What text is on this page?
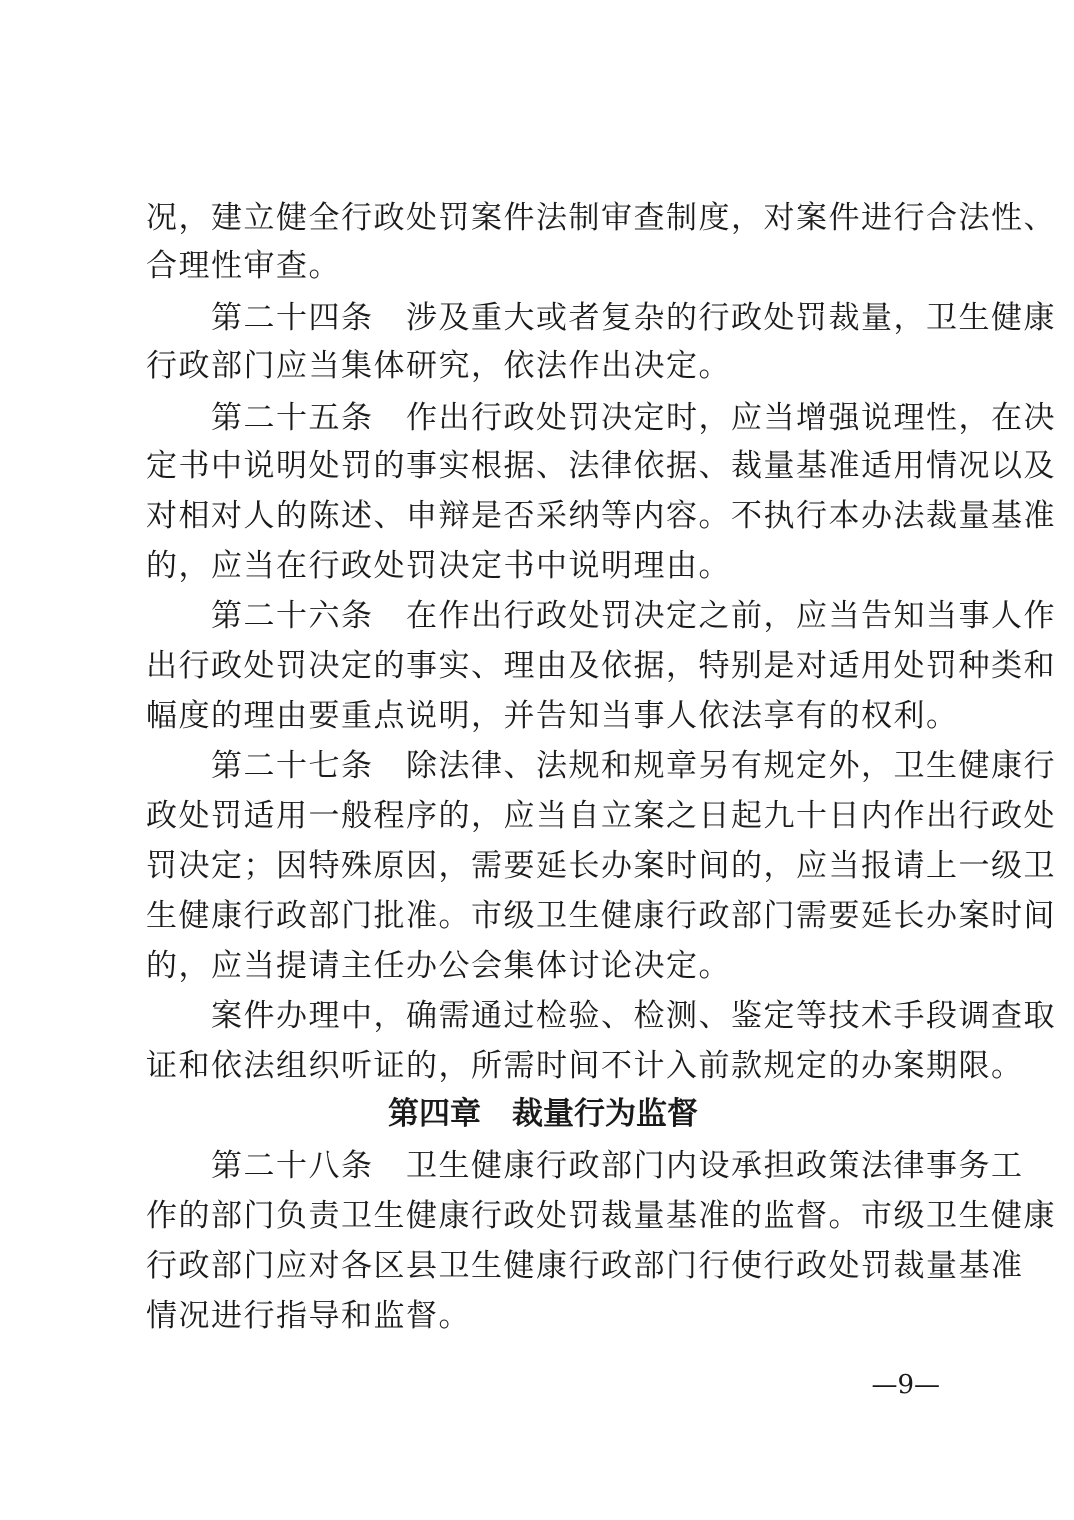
况，建立健全行政处罚案件法制审查制度，对案件进行合法性、

合理性审查。

　　第二十四条　涉及重大或者复杂的行政处罚裁量，卫生健康

行政部门应当集体研究，依法作出决定。

　　第二十五条　作出行政处罚决定时，应当增强说理性，在决

定书中说明处罚的事实根据、法律依据、裁量基准适用情况以及

对相对人的陈述、申辩是否采纳等内容。不执行本办法裁量基准

的，应当在行政处罚决定书中说明理由。

　　第二十六条　在作出行政处罚决定之前，应当告知当事人作

出行政处罚决定的事实、理由及依据，特别是对适用处罚种类和

幅度的理由要重点说明，并告知当事人依法享有的权利。

　　第二十七条　除法律、法规和规章另有规定外，卫生健康行

政处罚适用一般程序的，应当自立案之日起九十日内作出行政处

罚决定；因特殊原因，需要延长办案时间的，应当报请上一级卫

生健康行政部门批准。市级卫生健康行政部门需要延长办案时间

的，应当提请主任办公会集体讨论决定。

　　案件办理中，确需通过检验、检测、鉴定等技术手段调查取

证和依法组织听证的，所需时间不计入前款规定的办案期限。

第四章　裁量行为监督

　　第二十八条　卫生健康行政部门内设承担政策法律事务工

作的部门负责卫生健康行政处罚裁量基准的监督。市级卫生健康

行政部门应对各区县卫生健康行政部门行使行政处罚裁量基准

情况进行指导和监督。

—9—
